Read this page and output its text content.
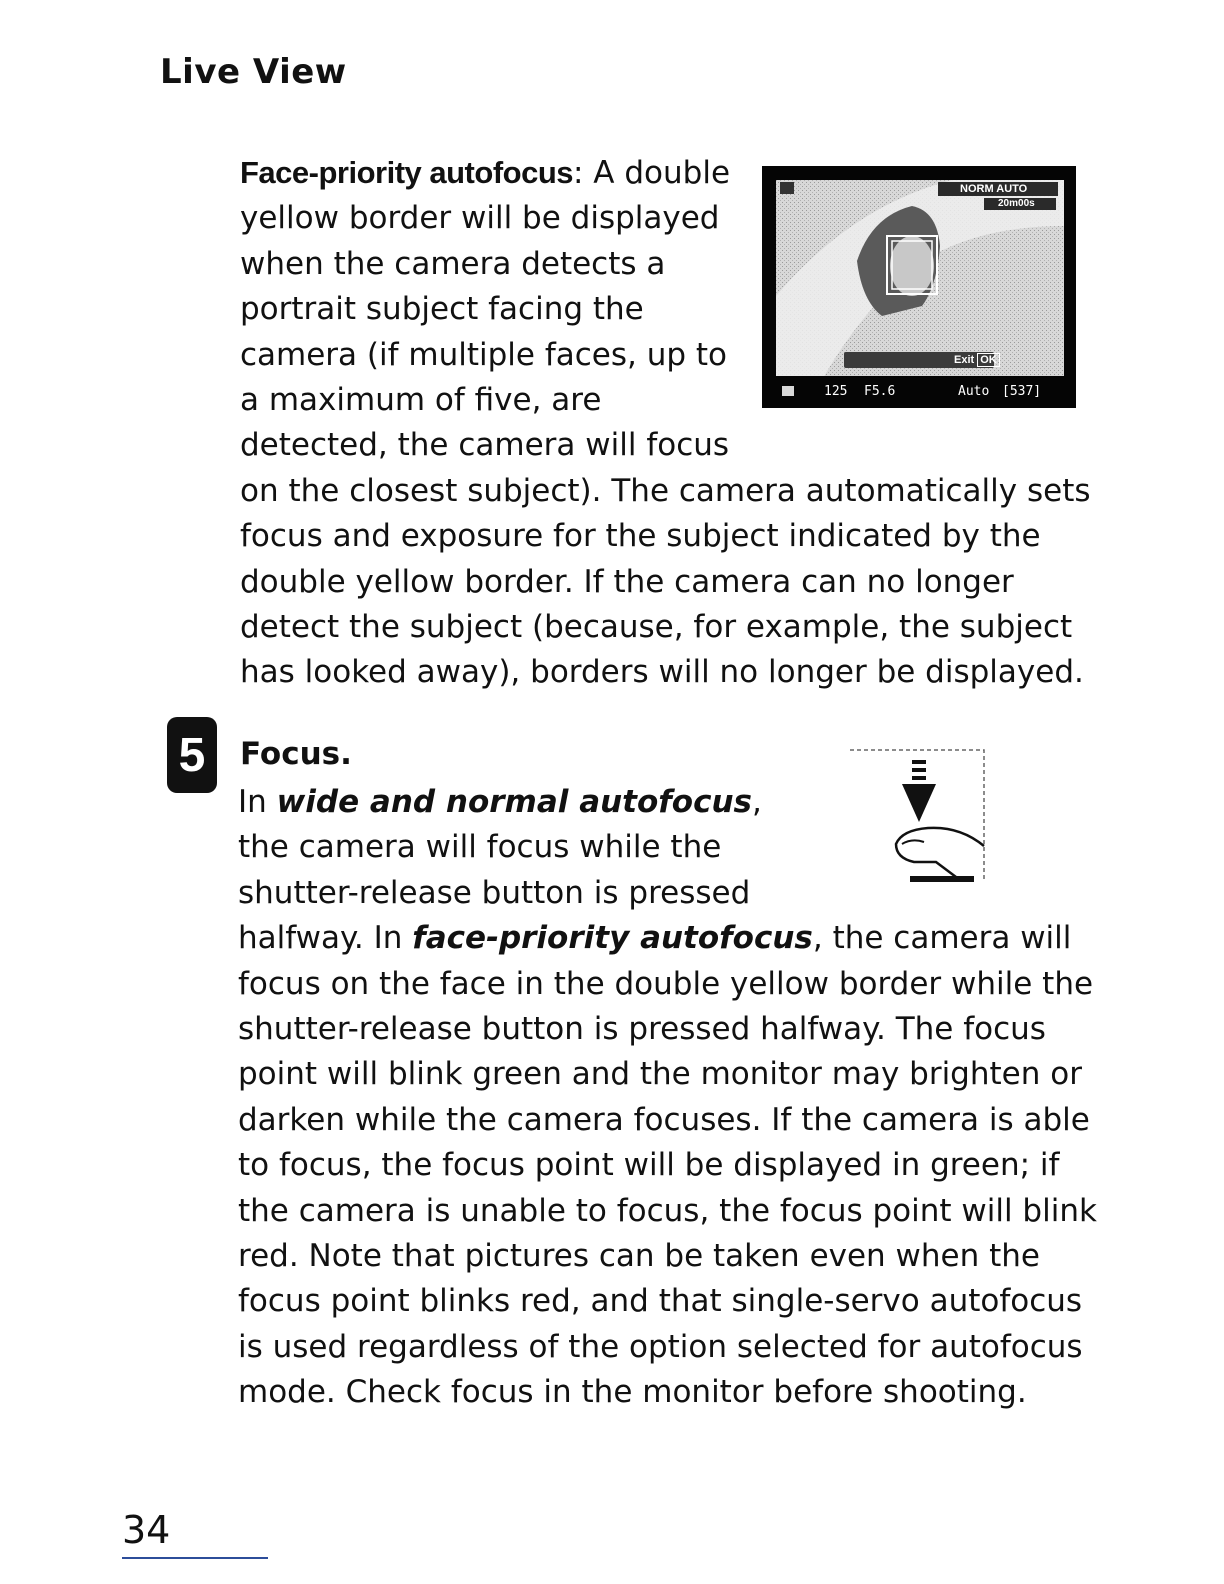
Live View

Face-priority autofocus: A double
yellow border will be displayed
when the camera detects a
portrait subject facing the
camera (if multiple faces, up to
a maximum of five, are
detected, the camera will focus
on the closest subject). The camera automatically sets
focus and exposure for the subject indicated by the
double yellow border. If the camera can no longer
detect the subject (because, for example, the subject
has looked away), borders will no longer be displayed.

NORM AUTO
20m00s
Exit OK
125 F5.6	Auto [537]
5	Focus.

In wide and normal autofocus,
the camera will focus while the
shutter-release button is pressed
halfway. In face-priority autofocus, the camera will
focus on the face in the double yellow border while the
shutter-release button is pressed halfway. The focus
point will blink green and the monitor may brighten or
darken while the camera focuses. If the camera is able
to focus, the focus point will be displayed in green; if
the camera is unable to focus, the focus point will blink
red. Note that pictures can be taken even when the
focus point blinks red, and that single-servo autofocus
is used regardless of the option selected for autofocus
mode. Check focus in the monitor before shooting.

34
